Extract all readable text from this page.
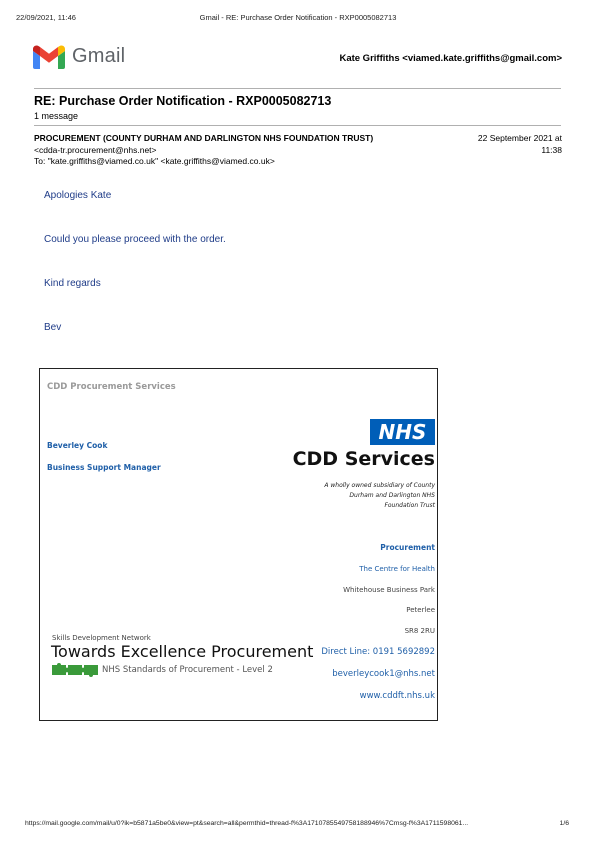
22/09/2021, 11:46	Gmail - RE: Purchase Order Notification - RXP0005082713
Gmail	Kate Griffiths <viamed.kate.griffiths@gmail.com>
RE: Purchase Order Notification - RXP0005082713
1 message
PROCUREMENT (COUNTY DURHAM AND DARLINGTON NHS FOUNDATION TRUST)
<cdda-tr.procurement@nhs.net>
To: "kate.griffiths@viamed.co.uk" <kate.griffiths@viamed.co.uk>
22 September 2021 at
11:38
Apologies Kate
Could you please proceed with the order.
Kind regards
Bev
CDD Procurement Services
Beverley Cook
Business Support Manager
NHS
CDD Services
A wholly owned subsidiary of County
Durham and Darlington NHS
Foundation Trust
Procurement
The Centre for Health
Whitehouse Business Park
Peterlee
SR8 2RU
Direct Line: 0191 5692892
beverleycook1@nhs.net
www.cddft.nhs.uk
Skills Development Network
Towards Excellence Procurement
NHS Standards of Procurement - Level 2
https://mail.google.com/mail/u/0?ik=b5871a5be0&view=pt&search=all&permthid=thread-f%3A1710785549758188946%7Cmsg-f%3A1711598061...	1/6
